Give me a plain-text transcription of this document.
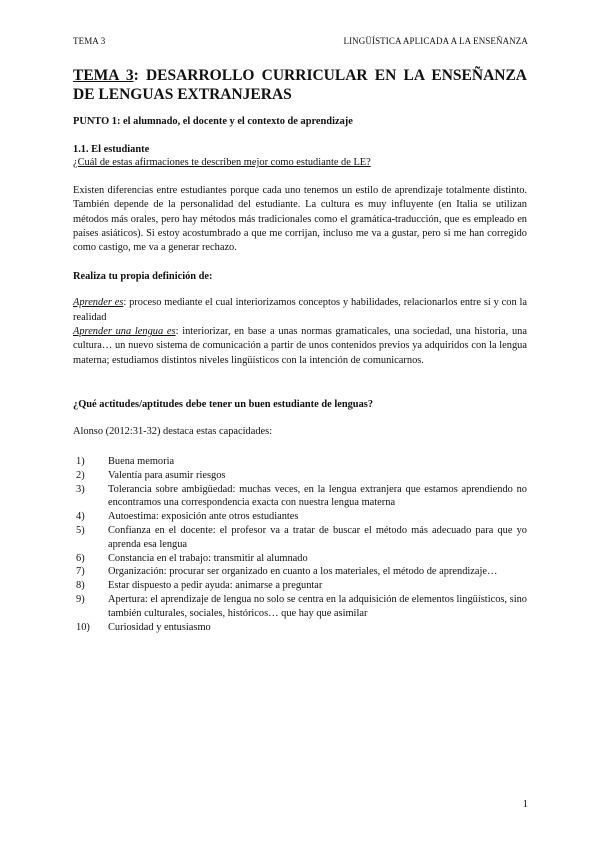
TEMA 3	LINGÜÍSTICA APLICADA A LA ENSEÑANZA
TEMA 3: DESARROLLO CURRICULAR EN LA ENSEÑANZA DE LENGUAS EXTRANJERAS

PUNTO 1: el alumnado, el docente y el contexto de aprendizaje

1.1. El estudiante

¿Cuál de estas afirmaciones te describen mejor como estudiante de LE?

Existen diferencias entre estudiantes porque cada uno tenemos un estilo de aprendizaje totalmente distinto. También depende de la personalidad del estudiante. La cultura es muy influyente (en Italia se utilizan métodos más orales, pero hay métodos más tradicionales como el gramática-traducción, que es empleado en países asiáticos). Si estoy acostumbrado a que me corrijan, incluso me va a gustar, pero si me han corregido como castigo, me va a generar rechazo.

Realiza tu propia definición de:

Aprender es: proceso mediante el cual interiorizamos conceptos y habilidades, relacionarlos entre sí y con la realidad

Aprender una lengua es: interiorizar, en base a unas normas gramaticales, una sociedad, una historia, una cultura… un nuevo sistema de comunicación a partir de unos contenidos previos ya adquiridos con la lengua materna; estudiamos distintos niveles lingüísticos con la intención de comunicarnos.

¿Qué actitudes/aptitudes debe tener un buen estudiante de lenguas?

Alonso (2012:31-32) destaca estas capacidades:

1) Buena memoria
2) Valentía para asumir riesgos
3) Tolerancia sobre ambigüedad: muchas veces, en la lengua extranjera que estamos aprendiendo no encontramos una correspondencia exacta con nuestra lengua materna
4) Autoestima: exposición ante otros estudiantes
5) Confianza en el docente: el profesor va a tratar de buscar el método más adecuado para que yo aprenda esa lengua
6) Constancia en el trabajo: transmitir al alumnado
7) Organización: procurar ser organizado en cuanto a los materiales, el método de aprendizaje…
8) Estar dispuesto a pedir ayuda: animarse a preguntar
9) Apertura: el aprendizaje de lengua no solo se centra en la adquisición de elementos lingüísticos, sino también culturales, sociales, históricos… que hay que asimilar
10) Curiosidad y entusiasmo
1
